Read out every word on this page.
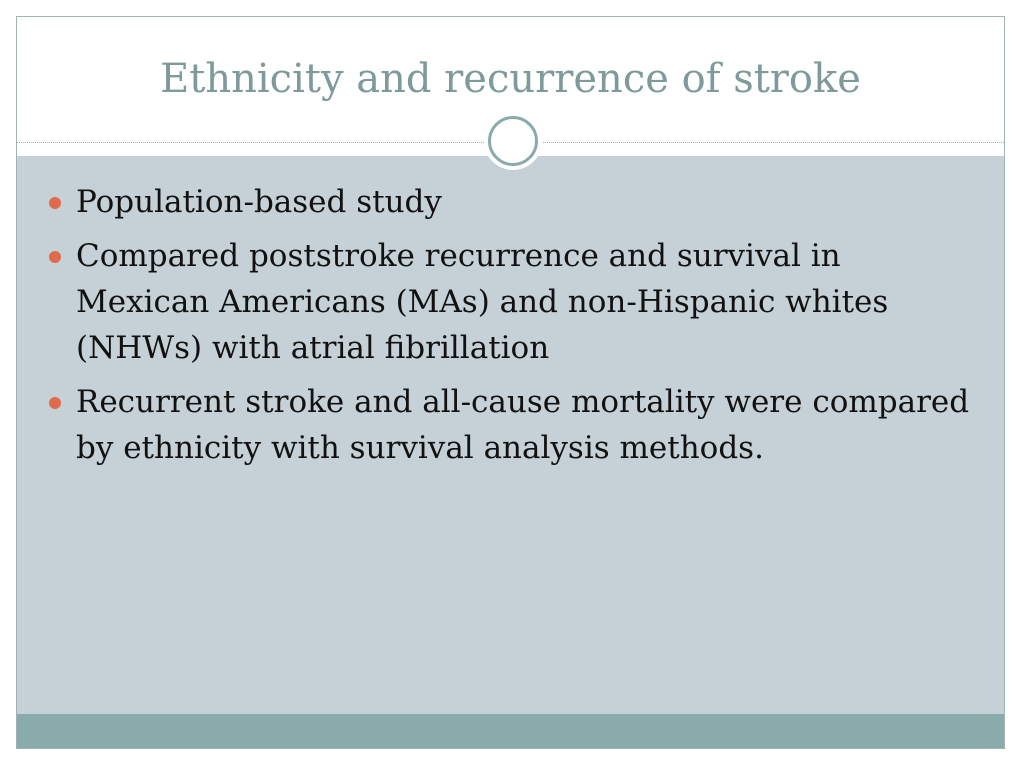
Ethnicity and recurrence of stroke
Population-based study
Compared poststroke recurrence and survival in Mexican Americans (MAs) and non-Hispanic whites (NHWs) with atrial fibrillation
Recurrent stroke and all-cause mortality were compared by ethnicity with survival analysis methods.
